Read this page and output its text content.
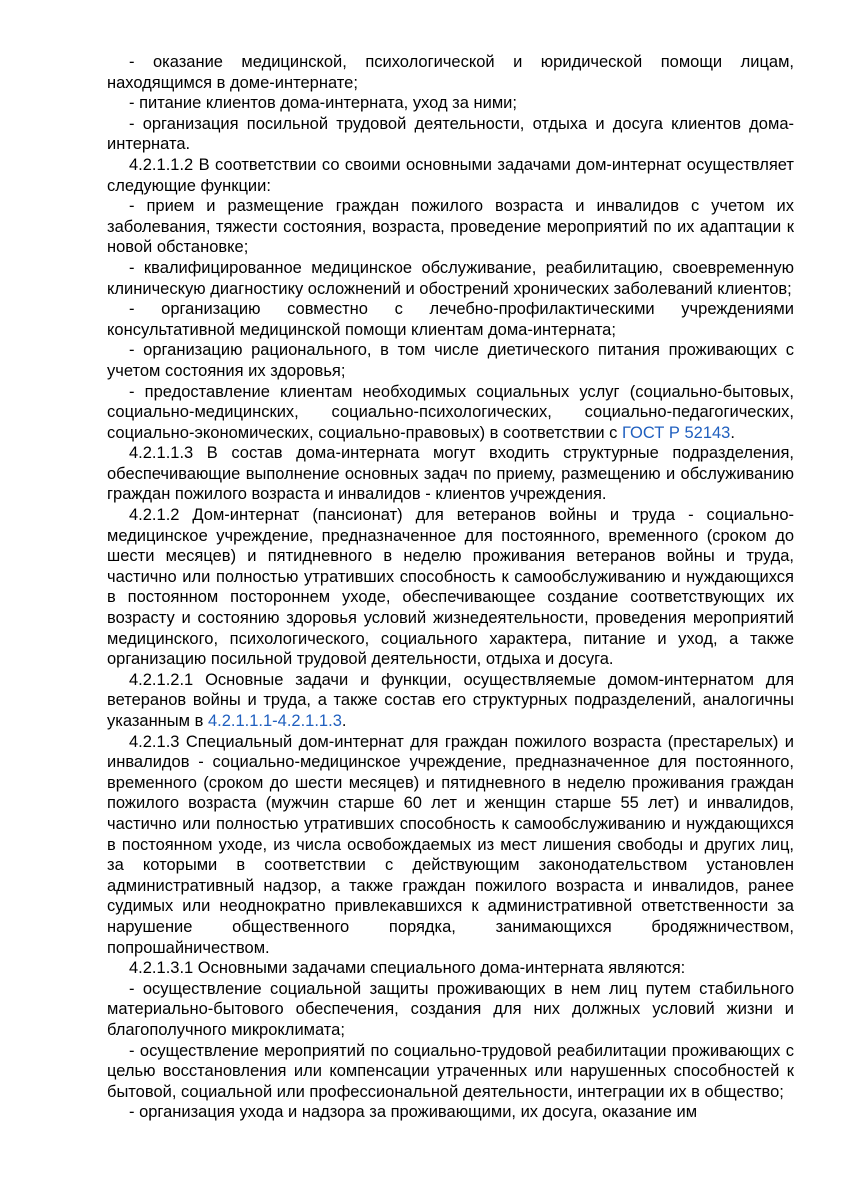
- оказание медицинской, психологической и юридической помощи лицам, находящимся в доме-интернате;

- питание клиентов дома-интерната, уход за ними;

- организация посильной трудовой деятельности, отдыха и досуга клиентов дома-интерната.

4.2.1.1.2 В соответствии со своими основными задачами дом-интернат осуществляет следующие функции:

- прием и размещение граждан пожилого возраста и инвалидов с учетом их заболевания, тяжести состояния, возраста, проведение мероприятий по их адаптации к новой обстановке;

- квалифицированное медицинское обслуживание, реабилитацию, своевременную клиническую диагностику осложнений и обострений хронических заболеваний клиентов;

- организацию совместно с лечебно-профилактическими учреждениями консультативной медицинской помощи клиентам дома-интерната;

- организацию рационального, в том числе диетического питания проживающих с учетом состояния их здоровья;

- предоставление клиентам необходимых социальных услуг (социально-бытовых, социально-медицинских, социально-психологических, социально-педагогических, социально-экономических, социально-правовых) в соответствии с ГОСТ Р 52143.

4.2.1.1.3 В состав дома-интерната могут входить структурные подразделения, обеспечивающие выполнение основных задач по приему, размещению и обслуживанию граждан пожилого возраста и инвалидов - клиентов учреждения.

4.2.1.2 Дом-интернат (пансионат) для ветеранов войны и труда - социально-медицинское учреждение, предназначенное для постоянного, временного (сроком до шести месяцев) и пятидневного в неделю проживания ветеранов войны и труда, частично или полностью утративших способность к самообслуживанию и нуждающихся в постоянном постороннем уходе, обеспечивающее создание соответствующих их возрасту и состоянию здоровья условий жизнедеятельности, проведения мероприятий медицинского, психологического, социального характера, питание и уход, а также организацию посильной трудовой деятельности, отдыха и досуга.

4.2.1.2.1 Основные задачи и функции, осуществляемые домом-интернатом для ветеранов войны и труда, а также состав его структурных подразделений, аналогичны указанным в 4.2.1.1.1-4.2.1.1.3.

4.2.1.3 Специальный дом-интернат для граждан пожилого возраста (престарелых) и инвалидов - социально-медицинское учреждение, предназначенное для постоянного, временного (сроком до шести месяцев) и пятидневного в неделю проживания граждан пожилого возраста (мужчин старше 60 лет и женщин старше 55 лет) и инвалидов, частично или полностью утративших способность к самообслуживанию и нуждающихся в постоянном уходе, из числа освобождаемых из мест лишения свободы и других лиц, за которыми в соответствии с действующим законодательством установлен административный надзор, а также граждан пожилого возраста и инвалидов, ранее судимых или неоднократно привлекавшихся к административной ответственности за нарушение общественного порядка, занимающихся бродяжничеством, попрошайничеством.

4.2.1.3.1 Основными задачами специального дома-интерната являются:

- осуществление социальной защиты проживающих в нем лиц путем стабильного материально-бытового обеспечения, создания для них должных условий жизни и благополучного микроклимата;

- осуществление мероприятий по социально-трудовой реабилитации проживающих с целью восстановления или компенсации утраченных или нарушенных способностей к бытовой, социальной или профессиональной деятельности, интеграции их в общество;

- организация ухода и надзора за проживающими, их досуга, оказание им
